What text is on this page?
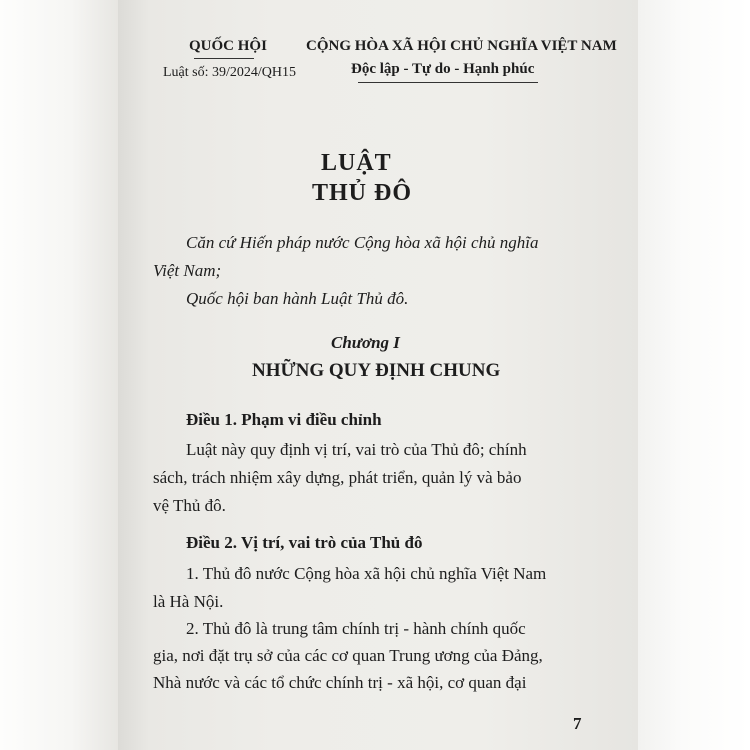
QUỐC HỘI
Luật số: 39/2024/QH15
CỘNG HÒA XÃ HỘI CHỦ NGHĨA VIỆT NAM
Độc lập - Tự do - Hạnh phúc
LUẬT
THỦ ĐÔ
Căn cứ Hiến pháp nước Cộng hòa xã hội chủ nghĩa
Việt Nam;
Quốc hội ban hành Luật Thủ đô.
Chương I
NHỮNG QUY ĐỊNH CHUNG
Điều 1. Phạm vi điều chỉnh
Luật này quy định vị trí, vai trò của Thủ đô; chính
sách, trách nhiệm xây dựng, phát triển, quản lý và bảo
vệ Thủ đô.
Điều 2. Vị trí, vai trò của Thủ đô
1. Thủ đô nước Cộng hòa xã hội chủ nghĩa Việt Nam
là Hà Nội.
2. Thủ đô là trung tâm chính trị - hành chính quốc
gia, nơi đặt trụ sở của các cơ quan Trung ương của Đảng,
Nhà nước và các tổ chức chính trị - xã hội, cơ quan đại
7
